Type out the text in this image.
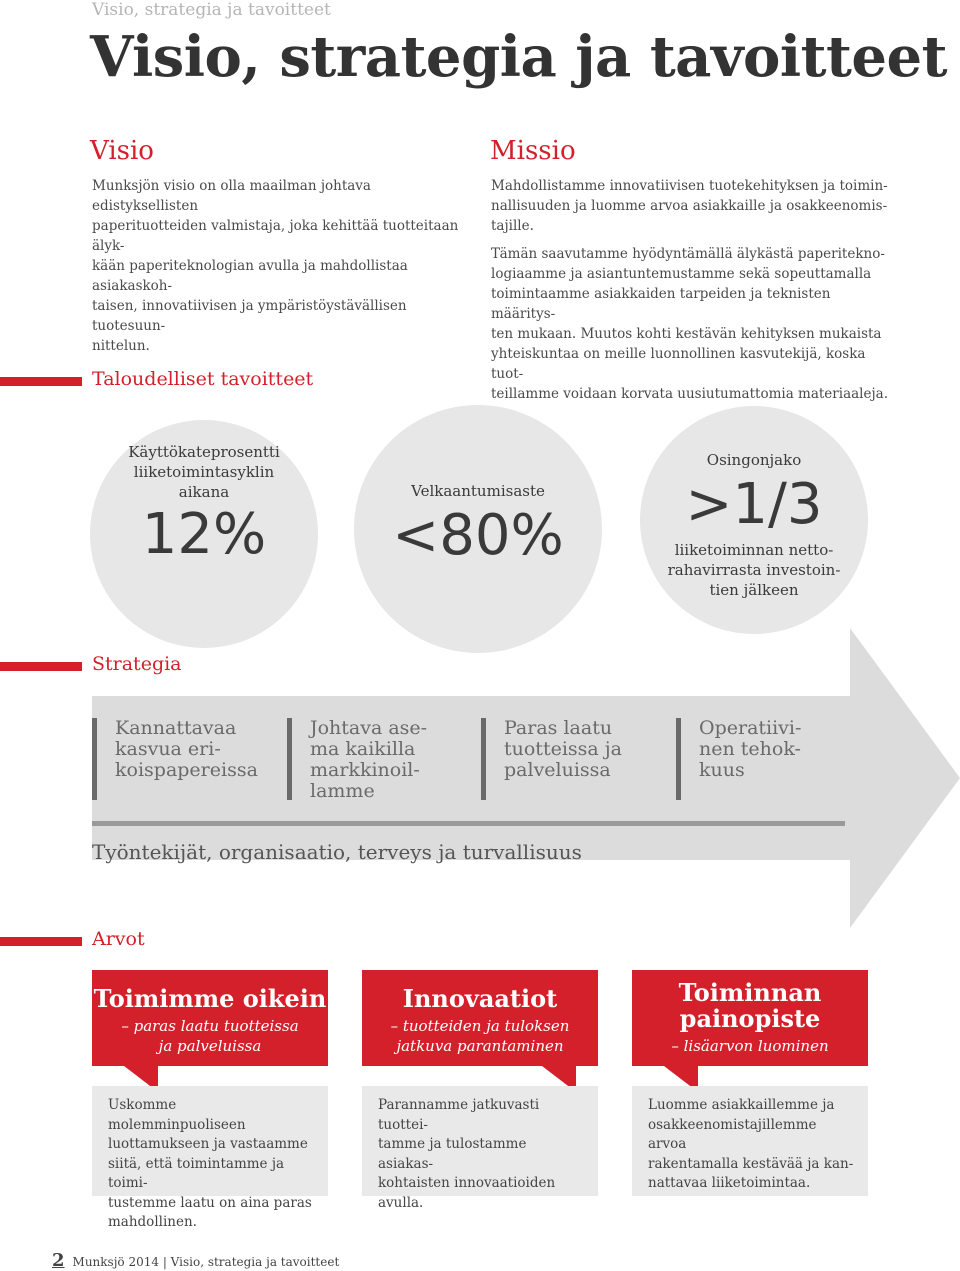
Visio, strategia ja tavoitteet
Visio, strategia ja tavoitteet
Visio
Munksjön visio on olla maailman johtava edistyksellisten
paperituotteiden valmistaja, joka kehittää tuotteitaan älyk-
kään paperiteknologian avulla ja mahdollistaa asiakaskoh-
taisen, innovatiivisen ja ympäristöystävällisen tuotesuun-
nittelun.
Missio
Mahdollistamme innovatiivisen tuotekehityksen ja toimin-
nallisuuden ja luomme arvoa asiakkaille ja osakkeenomis-
tajille.
Tämän saavutamme hyödyntämällä älykästä paperitekno-
logiaamme ja asiantuntemustamme sekä sopeuttamalla
toimintaamme asiakkaiden tarpeiden ja teknisten määritys-
ten mukaan. Muutos kohti kestävän kehityksen mukaista
yhteiskuntaa on meille luonnollinen kasvutekijä, koska tuot-
teillamme voidaan korvata uusiutumattomia materiaaleja.
Taloudelliset tavoitteet
Käyttökateprosentti
liiketoimintasyklin
aikana
12%
Velkaantumisaste
<80%
Osingonjako
>1/3
liiketoiminnan netto-
rahavirrasta investoin-
tien jälkeen
Strategia
Kannattavaa
kasvua eri-
koispapereissa
Johtava ase-
ma kaikilla
markkinoil-
lamme
Paras laatu
tuotteissa ja
palveluissa
Operatiivi-
nen tehok-
kuus
Työntekijät, organisaatio, terveys ja turvallisuus
Arvot
Toimimme oikein
– paras laatu tuotteissa
ja palveluissa
Uskomme molemminpuoliseen
luottamukseen ja vastaamme
siitä, että toimintamme ja toimi-
tustemme laatu on aina paras
mahdollinen.
Innovaatiot
– tuotteiden ja tuloksen
jatkuva parantaminen
Parannamme jatkuvasti tuottei-
tamme ja tulostamme asiakas-
kohtaisten innovaatioiden
avulla.
Toiminnan
painopiste
– lisäarvon luominen
Luomme asiakkaillemme ja
osakkeenomistajillemme arvoa
rakentamalla kestävää ja kan-
nattavaa liiketoimintaa.
2 Munksjö 2014 | Visio, strategia ja tavoitteet
